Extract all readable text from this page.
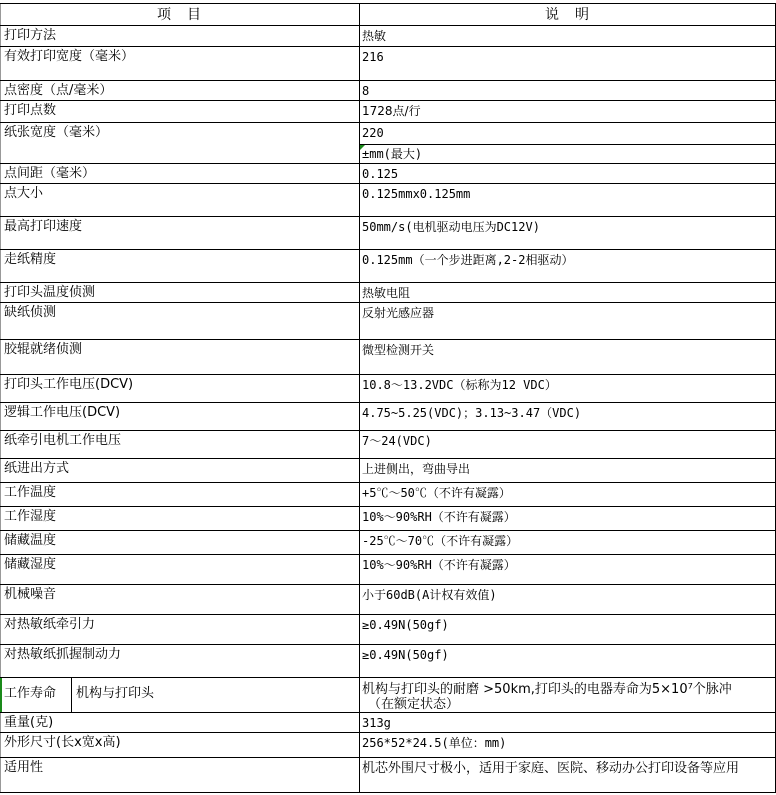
项　目	说　明
打印方法	热敏
有效打印宽度（毫米）	216
点密度（点/毫米）	8
打印点数	1728点/行
纸张宽度（毫米）	220
±mm(最大)
点间距（毫米）	0.125
点大小	0.125mmx0.125mm
最高打印速度	50mm/s(电机驱动电压为DC12V)
走纸精度	0.125mm（一个步进距离,2-2相驱动）
打印头温度侦测	热敏电阻
缺纸侦测	反射光感应器
胶辊就绪侦测	微型检测开关
打印头工作电压(DCV)	10.8～13.2VDC（标称为12 VDC）
逻辑工作电压(DCV)	4.75~5.25(VDC)；3.13~3.47（VDC)
纸牵引电机工作电压	7～24(VDC)
纸进出方式	上进侧出，弯曲导出
工作温度	+5℃～50℃（不许有凝露）
工作湿度	10%～90%RH（不许有凝露）
储藏温度	-25℃～70℃（不许有凝露）
储藏湿度	10%～90%RH（不许有凝露）
机械噪音	小于60dB(A计权有效值)
对热敏纸牵引力	≥0.49N(50gf)
对热敏纸抓握制动力	≥0.49N(50gf)
工作寿命	机构与打印头	机构与打印头的耐磨 >50km,打印头的电器寿命为5×10⁷个脉冲
（在额定状态）
重量(克)	313g
外形尺寸(长x宽x高)	256*52*24.5(单位：mm)
适用性	机芯外围尺寸极小，适用于家庭、医院、移动办公打印设备等应用
